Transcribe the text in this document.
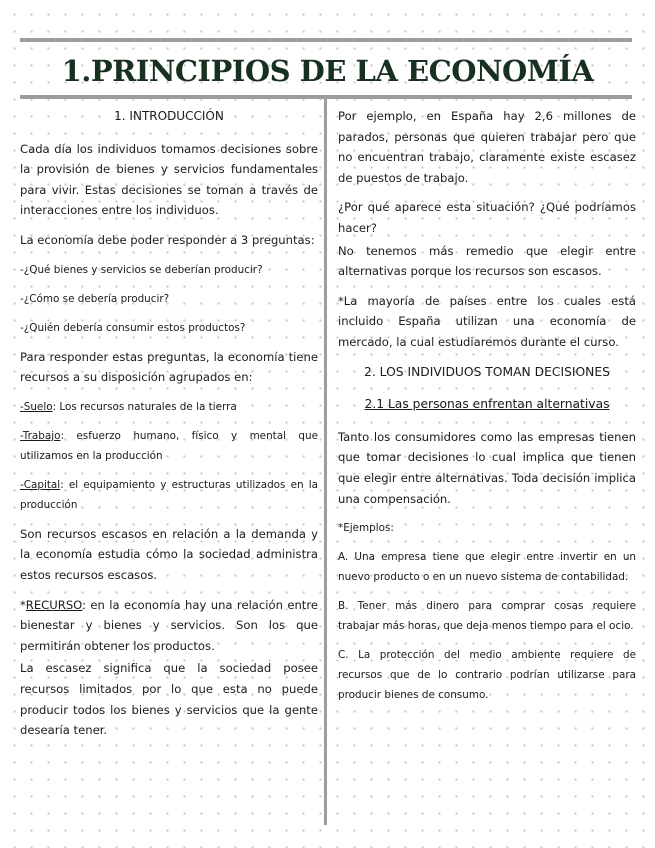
1.PRINCIPIOS DE LA ECONOMÍA
1. INTRODUCCIÓN

Cada día los individuos tomamos decisiones sobre la provisión de bienes y servicios fundamentales para vivir. Estas decisiones se toman a través de interacciones entre los individuos.

La economía debe poder responder a 3 preguntas:

-¿Qué bienes y servicios se deberían producir?

-¿Cómo se debería producir?

-¿Quién debería consumir estos productos?

Para responder estas preguntas, la economía tiene recursos a su disposición agrupados en:

-Suelo: Los recursos naturales de la tierra

-Trabajo: esfuerzo humano, físico y mental que utilizamos en la producción

-Capital: el equipamiento y estructuras utilizados en la producción

Son recursos escasos en relación a la demanda y la economía estudia cómo la sociedad administra estos recursos escasos.

*RECURSO: en la economía hay una relación entre bienestar y bienes y servicios. Son los que permitirán obtener los productos.

La escasez significa que la sociedad posee recursos limitados por lo que esta no puede producir todos los bienes y servicios que la gente desearía tener.

Por ejemplo, en España hay 2,6 millones de parados, personas que quieren trabajar pero que no encuentran trabajo, claramente existe escasez de puestos de trabajo.

¿Por qué aparece esta situación? ¿Qué podríamos hacer?

No tenemos más remedio que elegir entre alternativas porque los recursos son escasos.

*La mayoría de países entre los cuales está incluido España utilizan una economía de mercado, la cual estudiaremos durante el curso.

2. LOS INDIVIDUOS TOMAN DECISIONES
2.1 Las personas enfrentan alternativas

Tanto los consumidores como las empresas tienen que tomar decisiones lo cual implica que tienen que elegir entre alternativas. Toda decisión implica una compensación.

*Ejemplos:

A. Una empresa tiene que elegir entre invertir en un nuevo producto o en un nuevo sistema de contabilidad.

B. Tener más dinero para comprar cosas requiere trabajar más horas, que deja menos tiempo para el ocio.

C. La protección del medio ambiente requiere de recursos que de lo contrario podrían utilizarse para producir bienes de consumo.
